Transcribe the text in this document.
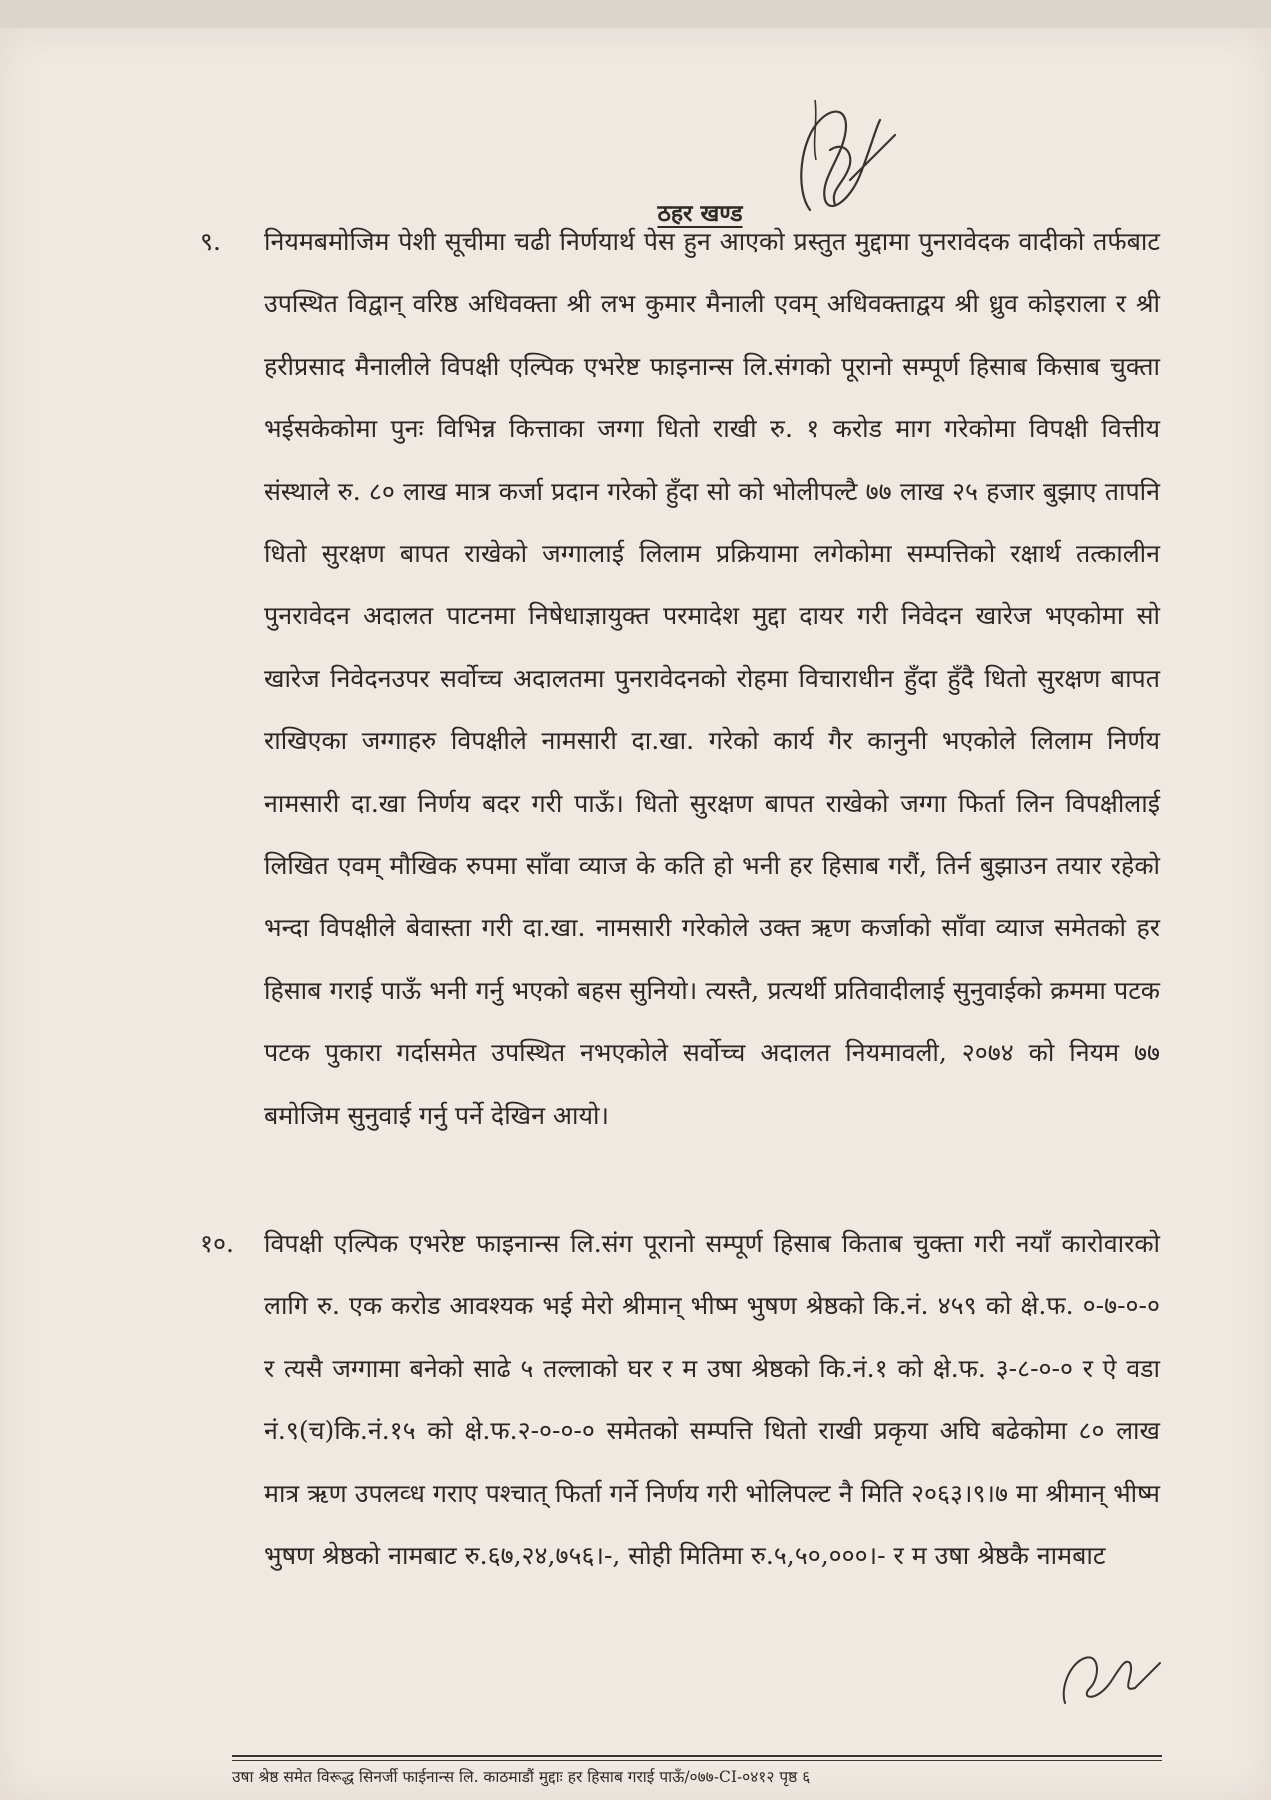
ठहर खण्ड
९.	नियमबमोजिम पेशी सूचीमा चढी निर्णयार्थ पेस हुन आएको प्रस्तुत मुद्दामा पुनरावेदक वादीको तर्फबाट उपस्थित विद्वान् वरिष्ठ अधिवक्ता श्री लभ कुमार मैनाली एवम् अधिवक्ताद्वय श्री ध्रुव कोइराला र श्री हरीप्रसाद मैनालीले विपक्षी एल्पिक एभरेष्ट फाइनान्स लि.संगको पूरानो सम्पूर्ण हिसाब किसाब चुक्ता भईसकेकोमा पुनः विभिन्न कित्ताका जग्गा धितो राखी रु. १ करोड माग गरेकोमा विपक्षी वित्तीय संस्थाले रु. ८० लाख मात्र कर्जा प्रदान गरेको हुँदा सो को भोलीपल्टै ७७ लाख २५ हजार बुझाए तापनि धितो सुरक्षण बापत राखेको जग्गालाई लिलाम प्रक्रियामा लगेकोमा सम्पत्तिको रक्षार्थ तत्कालीन पुनरावेदन अदालत पाटनमा निषेधाज्ञायुक्त परमादेश मुद्दा दायर गरी निवेदन खारेज भएकोमा सो खारेज निवेदनउपर सर्वोच्च अदालतमा पुनरावेदनको रोहमा विचाराधीन हुँदा हुँदै धितो सुरक्षण बापत राखिएका जग्गाहरु विपक्षीले नामसारी दा.खा. गरेको कार्य गैर कानुनी भएकोले लिलाम निर्णय नामसारी दा.खा निर्णय बदर गरी पाऊँ। धितो सुरक्षण बापत राखेको जग्गा फिर्ता लिन विपक्षीलाई लिखित एवम् मौखिक रुपमा साँवा व्याज के कति हो भनी हर हिसाब गरौं, तिर्न बुझाउन तयार रहेको भन्दा विपक्षीले बेवास्ता गरी दा.खा. नामसारी गरेकोले उक्त ऋण कर्जाको साँवा व्याज समेतको हर हिसाब गराई पाऊँ भनी गर्नु भएको बहस सुनियो। त्यस्तै, प्रत्यर्थी प्रतिवादीलाई सुनुवाईको क्रममा पटक पटक पुकारा गर्दासमेत उपस्थित नभएकोले सर्वोच्च अदालत नियमावली, २०७४ को नियम ७७ बमोजिम सुनुवाई गर्नु पर्ने देखिन आयो।
१०.	विपक्षी एल्पिक एभरेष्ट फाइनान्स लि.संग पूरानो सम्पूर्ण हिसाब किताब चुक्ता गरी नयाँ कारोवारको लागि रु. एक करोड आवश्यक भई मेरो श्रीमान् भीष्म भुषण श्रेष्ठको कि.नं. ४५९ को क्षे.फ. ०-७-०-० र त्यसै जग्गामा बनेको साढे ५ तल्लाको घर र म उषा श्रेष्ठको कि.नं.१ को क्षे.फ. ३-८-०-० र ऐ वडा नं.९(च)कि.नं.१५ को क्षे.फ.२-०-०-० समेतको सम्पत्ति धितो राखी प्रकृया अघि बढेकोमा ८० लाख मात्र ऋण उपलव्ध गराए पश्चात् फिर्ता गर्ने निर्णय गरी भोलिपल्ट नै मिति २०६३।९।७ मा श्रीमान् भीष्म भुषण श्रेष्ठको नामबाट रु.६७,२४,७५६।-, सोही मितिमा रु.५,५०,०००।- र म उषा श्रेष्ठकै नामबाट
उषा श्रेष्ठ समेत विरूद्ध सिनर्जी फाईनान्स लि. काठमाडौं मुद्दाः हर हिसाब गराई पाऊँ/०७७-CI-०४१२ पृष्ठ ६
